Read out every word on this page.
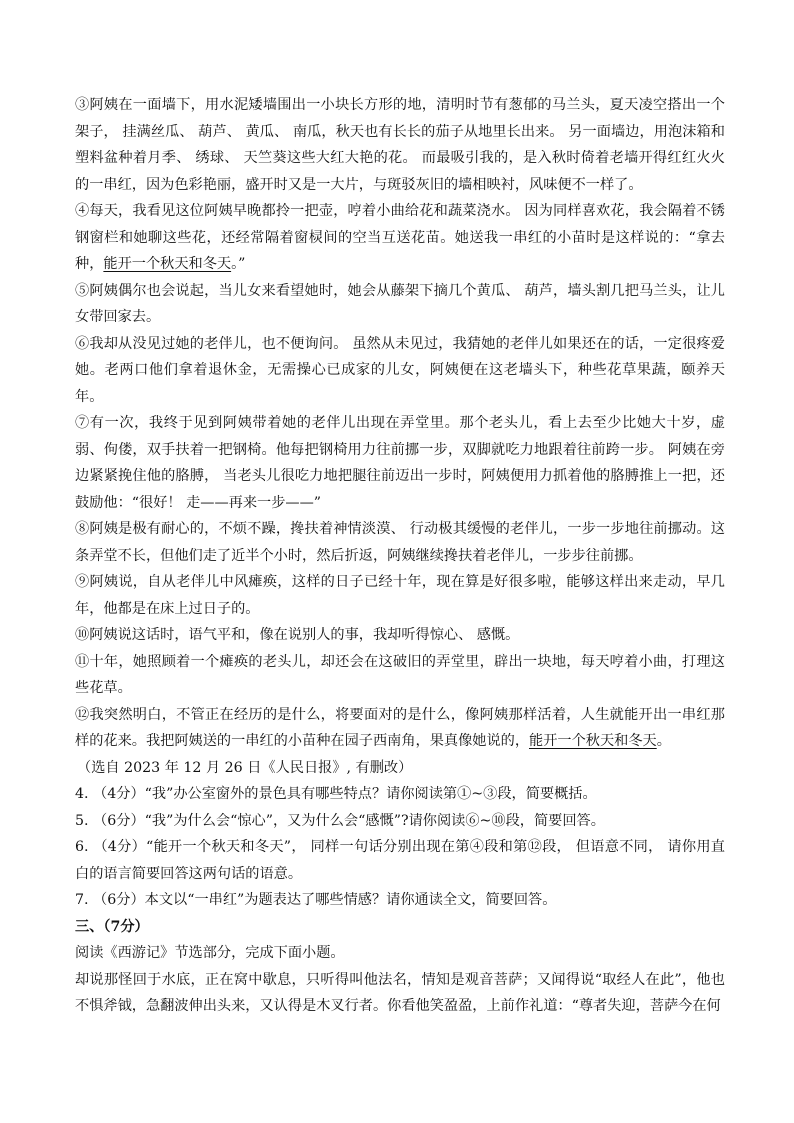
③阿姨在一面墙下，用水泥矮墙围出一小块长方形的地，清明时节有葱郁的马兰头，夏天凌空搭出一个架子， 挂满丝瓜、 葫芦、 黄瓜、 南瓜，秋天也有长长的茄子从地里长出来。 另一面墙边，用泡沫箱和塑料盆种着月季、 绣球、 天竺葵这些大红大艳的花。 而最吸引我的，是入秋时倚着老墙开得红红火火的一串红，因为色彩艳丽，盛开时又是一大片，与斑驳灰旧的墙相映衬，风味便不一样了。

④每天，我看见这位阿姨早晚都拎一把壶，哼着小曲给花和蔬菜浇水。 因为同样喜欢花，我会隔着不锈钢窗栏和她聊这些花，还经常隔着窗棂间的空当互送花苗。她送我一串红的小苗时是这样说的：“拿去种，能开一个秋天和冬天。”

⑤阿姨偶尔也会说起，当儿女来看望她时，她会从藤架下摘几个黄瓜、 葫芦，墙头割几把马兰头，让儿女带回家去。

⑥我却从没见过她的老伴儿，也不便询问。 虽然从未见过，我猜她的老伴儿如果还在的话，一定很疼爱她。老两口他们拿着退休金，无需操心已成家的儿女，阿姨便在这老墙头下，种些花草果蔬，颐养天年。

⑦有一次，我终于见到阿姨带着她的老伴儿出现在弄堂里。那个老头儿，看上去至少比她大十岁，虚弱、佝偻，双手扶着一把钢椅。他每把钢椅用力往前挪一步，双脚就吃力地跟着往前跨一步。 阿姨在旁边紧紧挽住他的胳膊， 当老头儿很吃力地把腿往前迈出一步时，阿姨便用力抓着他的胳膊推上一把，还鼓励他：“很好！ 走——再来一步——”

⑧阿姨是极有耐心的，不烦不躁，搀扶着神情淡漠、 行动极其缓慢的老伴儿，一步一步地往前挪动。这条弄堂不长，但他们走了近半个小时，然后折返，阿姨继续搀扶着老伴儿，一步步往前挪。

⑨阿姨说，自从老伴儿中风瘫痪，这样的日子已经十年，现在算是好很多啦，能够这样出来走动，早几年，他都是在床上过日子的。

⑩阿姨说这话时，语气平和，像在说别人的事，我却听得惊心、 感慨。

⑪十年，她照顾着一个瘫痪的老头儿，却还会在这破旧的弄堂里，辟出一块地，每天哼着小曲，打理这些花草。

⑫我突然明白，不管正在经历的是什么，将要面对的是什么，像阿姨那样活着，人生就能开出一串红那样的花来。我把阿姨送的一串红的小苗种在园子西南角，果真像她说的，能开一个秋天和冬天。

（选自 2023 年 12 月 26 日《人民日报》, 有删改）

4. （4分）“我”办公室窗外的景色具有哪些特点？请你阅读第①~③段，简要概括。

5. （6分）“我”为什么会“惊心”，又为什么会“感慨”?请你阅读⑥~⑩段，简要回答。

6. （4分）“能开一个秋天和冬天”， 同样一句话分别出现在第④段和第⑫段， 但语意不同， 请你用直白的语言简要回答这两句话的语意。

7. （6分）本文以“一串红”为题表达了哪些情感？请你通读全文，简要回答。

三、（7分）

阅读《西游记》节选部分，完成下面小题。

却说那怪回于水底，正在窝中歇息，只听得叫他法名，情知是观音菩萨；又闻得说“取经人在此”，他也不惧斧钺，急翻波伸出头来，又认得是木叉行者。你看他笑盈盈，上前作礼道：“尊者失迎，菩萨今在何
